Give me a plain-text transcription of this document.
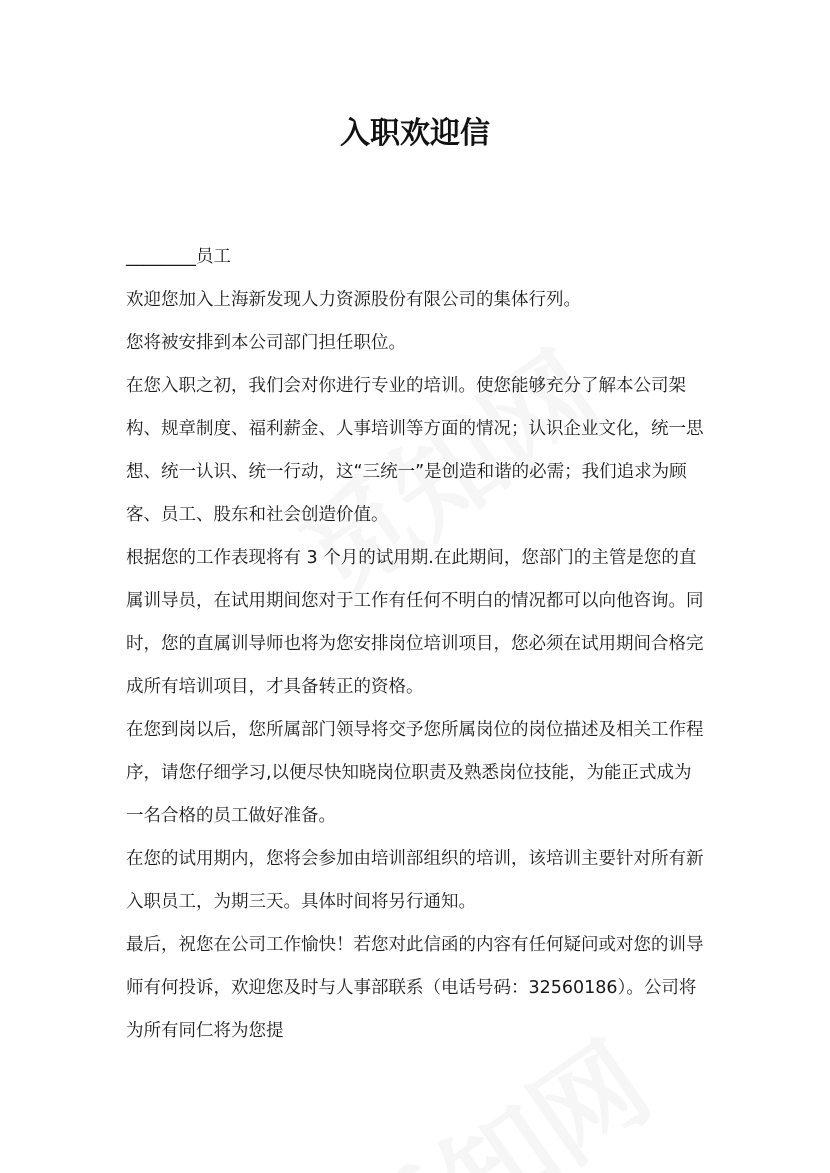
入职欢迎信

________员工

欢迎您加入上海新发现人力资源股份有限公司的集体行列。

您将被安排到本公司部门担任职位。

在您入职之初，我们会对你进行专业的培训。使您能够充分了解本公司架构、规章制度、福利薪金、人事培训等方面的情况；认识企业文化，统一思想、统一认识、统一行动，这“三统一”是创造和谐的必需；我们追求为顾客、员工、股东和社会创造价值。

根据您的工作表现将有 3 个月的试用期.在此期间，您部门的主管是您的直属训导员，在试用期间您对于工作有任何不明白的情况都可以向他咨询。同时，您的直属训导师也将为您安排岗位培训项目，您必须在试用期间合格完成所有培训项目，才具备转正的资格。

在您到岗以后，您所属部门领导将交予您所属岗位的岗位描述及相关工作程序，请您仔细学习,以便尽快知晓岗位职责及熟悉岗位技能，为能正式成为一名合格的员工做好准备。

在您的试用期内，您将会参加由培训部组织的培训，该培训主要针对所有新入职员工，为期三天。具体时间将另行通知。

最后，祝您在公司工作愉快！若您对此信函的内容有任何疑问或对您的训导师有何投诉，欢迎您及时与人事部联系（电话号码：32560186）。公司将为所有同仁将为您提
